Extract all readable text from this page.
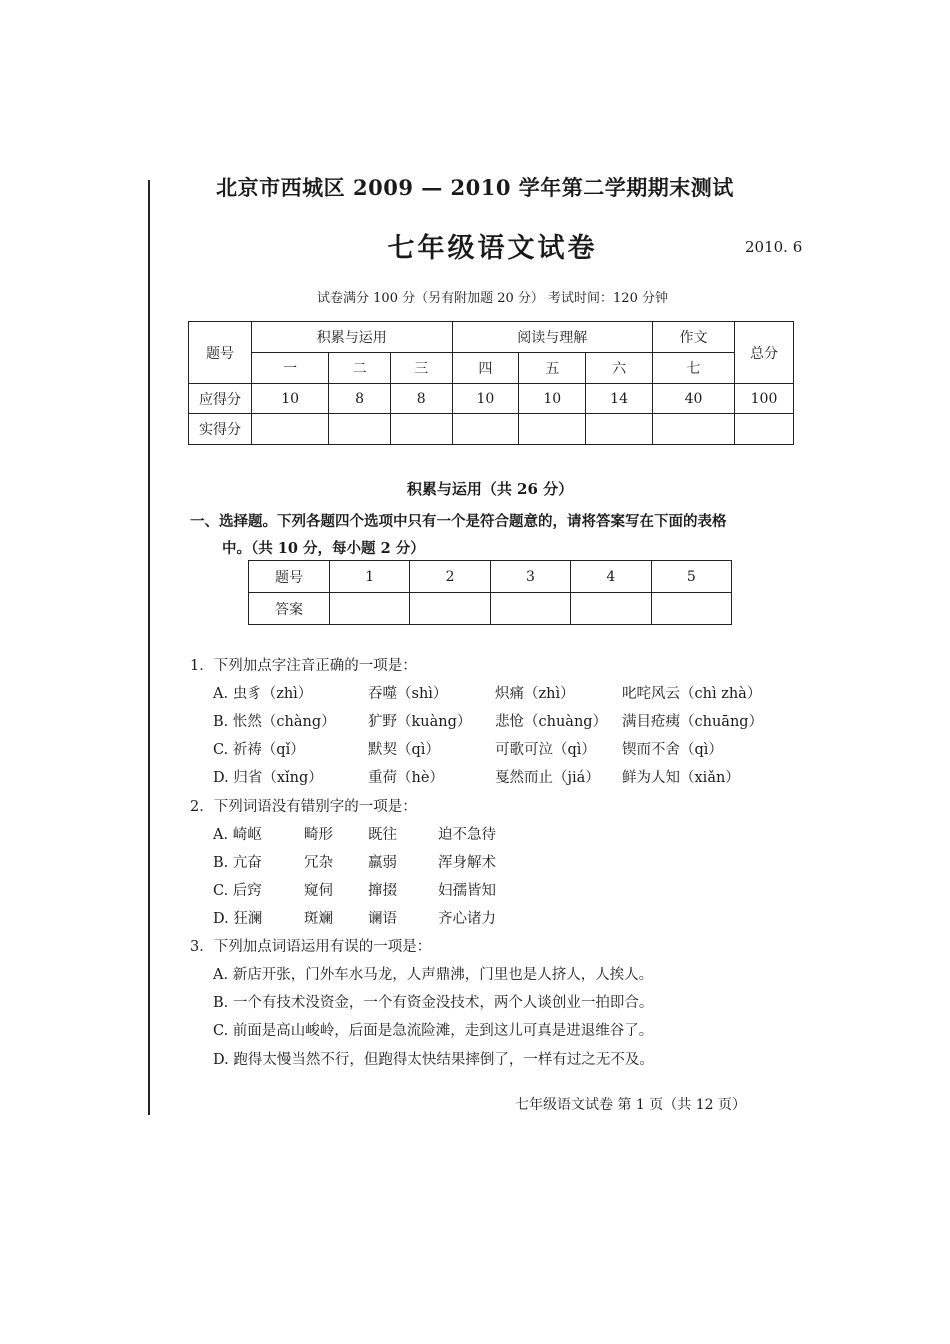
北京市西城区 2009 — 2010 学年第二学期期末测试
七年级语文试卷	2010. 6
试卷满分 100 分（另有附加题 20 分） 考试时间：120 分钟
题号	积累与运用			阅读与理解			作文	总分
	一	二	三	四	五	六	七	
应得分	10	8	8	10	10	14	40	100
实得分								
积累与运用（共 26 分）
一、选择题。下列各题四个选项中只有一个是符合题意的，请将答案写在下面的表格
中。（共 10 分，每小题 2 分）
题号	1	2	3	4	5
答案					
1．下列加点字注音正确的一项是：
A. 虫豸（zhì）	吞噬（shì）	炽痛（zhì）	叱咤风云（chì zhà）
B. 怅然（chàng） 犷野（kuàng） 悲怆（chuàng） 满目疮痍（chuāng）
C. 祈祷（qǐ）	默契（qì）	可歌可泣（qì） 锲而不舍（qì）
D. 归省（xǐng）	重荷（hè）	戛然而止（jiá） 鲜为人知（xiǎn）
2．下列词语没有错别字的一项是：
A. 崎岖	畸形 既往	迫不急待
B. 亢奋	冗杂 羸弱	浑身解术
C. 后窍	窥伺 撺掇	妇孺皆知
D. 狂澜	斑斓 谰语	齐心诸力
3．下列加点词语运用有误的一项是：
A. 新店开张，门外车水马龙，人声鼎沸，门里也是人挤人，人挨人。
B. 一个有技术没资金，一个有资金没技术，两个人谈创业一拍即合。
C. 前面是高山峻岭，后面是急流险滩，走到这儿可真是进退维谷了。
D. 跑得太慢当然不行，但跑得太快结果摔倒了，一样有过之无不及。
七年级语文试卷 第 1 页（共 12 页）
